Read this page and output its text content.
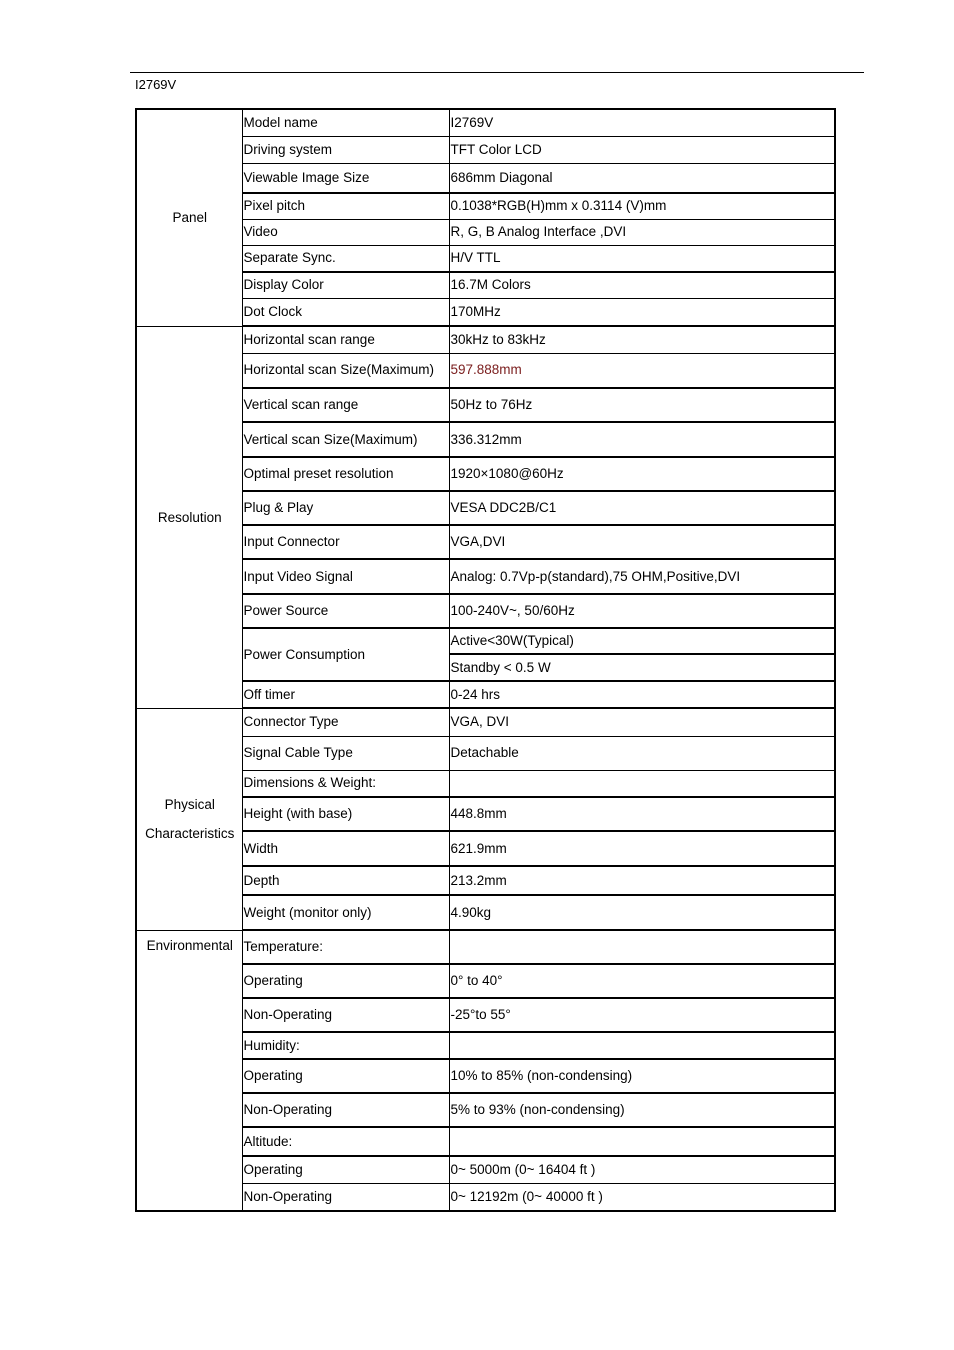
I2769V
Panel	Model name	I2769V
	Driving system	TFT Color LCD
	Viewable Image Size	686mm Diagonal
	Pixel pitch	0.1038*RGB(H)mm x 0.3114 (V)mm
	Video	R, G, B Analog Interface ,DVI
	Separate Sync.	H/V TTL
	Display Color	16.7M Colors
	Dot Clock	170MHz
Resolution	Horizontal scan range	30kHz to 83kHz
	Horizontal scan Size(Maximum)	597.888mm
	Vertical scan range	50Hz to 76Hz
	Vertical scan Size(Maximum)	336.312mm
	Optimal preset resolution	1920×1080@60Hz
	Plug & Play	VESA DDC2B/C1
	Input Connector	VGA,DVI
	Input Video Signal	Analog: 0.7Vp-p(standard),75 OHM,Positive,DVI
	Power Source	100-240V~, 50/60Hz
	Power Consumption	Active<30W(Typical)
		Standby < 0.5 W
	Off timer	0-24 hrs
Physical
Characteristics	Connector Type	VGA, DVI
	Signal Cable Type	Detachable
	Dimensions & Weight:	
	Height (with base)	448.8mm
	Width	621.9mm
	Depth	213.2mm
	Weight (monitor only)	4.90kg
Environmental	Temperature:	
	Operating	0° to 40°
	Non-Operating	-25°to 55°
	Humidity:	
	Operating	10% to 85% (non-condensing)
	Non-Operating	5% to 93% (non-condensing)
	Altitude:	
	Operating	0~ 5000m (0~ 16404 ft )
	Non-Operating	0~ 12192m (0~ 40000 ft )
